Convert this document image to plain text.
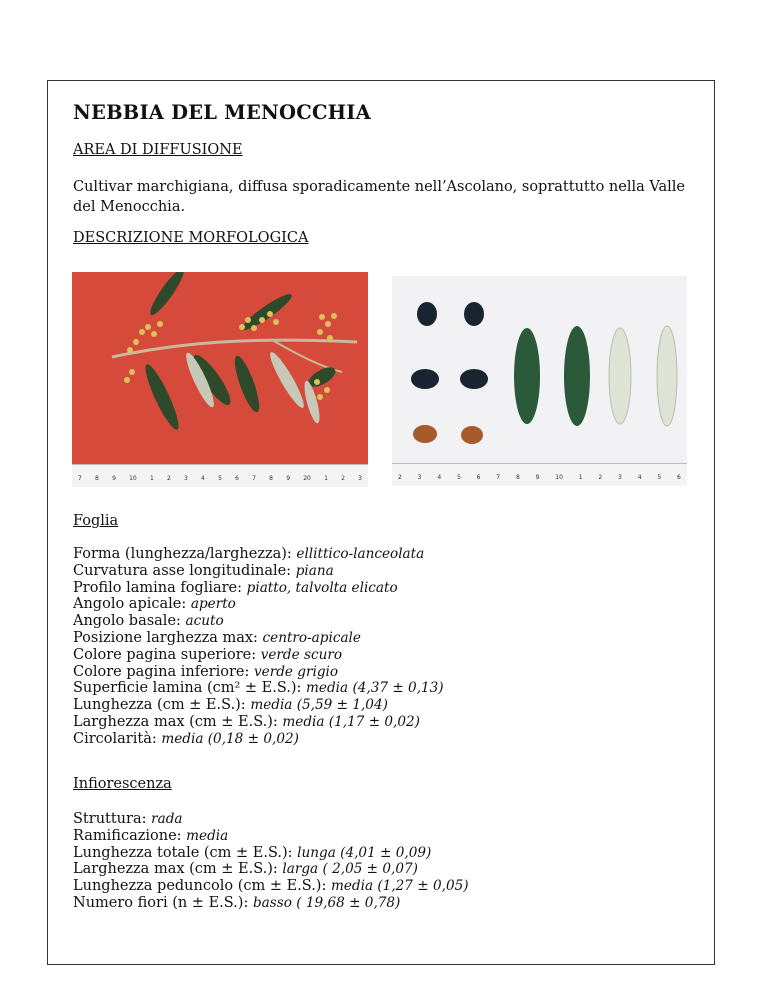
NEBBIA DEL MENOCCHIA
AREA DI DIFFUSIONE

Cultivar marchigiana, diffusa sporadicamente nell’Ascolano, soprattutto nella Valle del Menocchia.

DESCRIZIONE MORFOLOGICA
7 8 9 10 1 2 3 4 5 6 7 8 9 20 1 2 3	2	3	4	5	6	7	8	9	10	1	2	3	4	5	6
Foglia
Forma (lunghezza/larghezza): ellittico-lanceolata
Curvatura asse longitudinale: piana
Profilo lamina fogliare: piatto, talvolta elicato
Angolo apicale: aperto
Angolo basale: acuto
Posizione larghezza max: centro-apicale
Colore pagina superiore: verde scuro
Colore pagina inferiore: verde grigio
Superficie lamina (cm² ± E.S.): media (4,37 ± 0,13)
Lunghezza (cm ± E.S.): media (5,59 ± 1,04)
Larghezza max (cm ± E.S.): media (1,17 ± 0,02)
Circolarità: media (0,18 ± 0,02)
Infiorescenza
Struttura: rada
Ramificazione: media
Lunghezza totale (cm ± E.S.): lunga (4,01 ± 0,09)
Larghezza max (cm ± E.S.): larga ( 2,05 ± 0,07)
Lunghezza peduncolo (cm ± E.S.): media (1,27 ± 0,05)
Numero fiori (n ± E.S.): basso ( 19,68 ± 0,78)
